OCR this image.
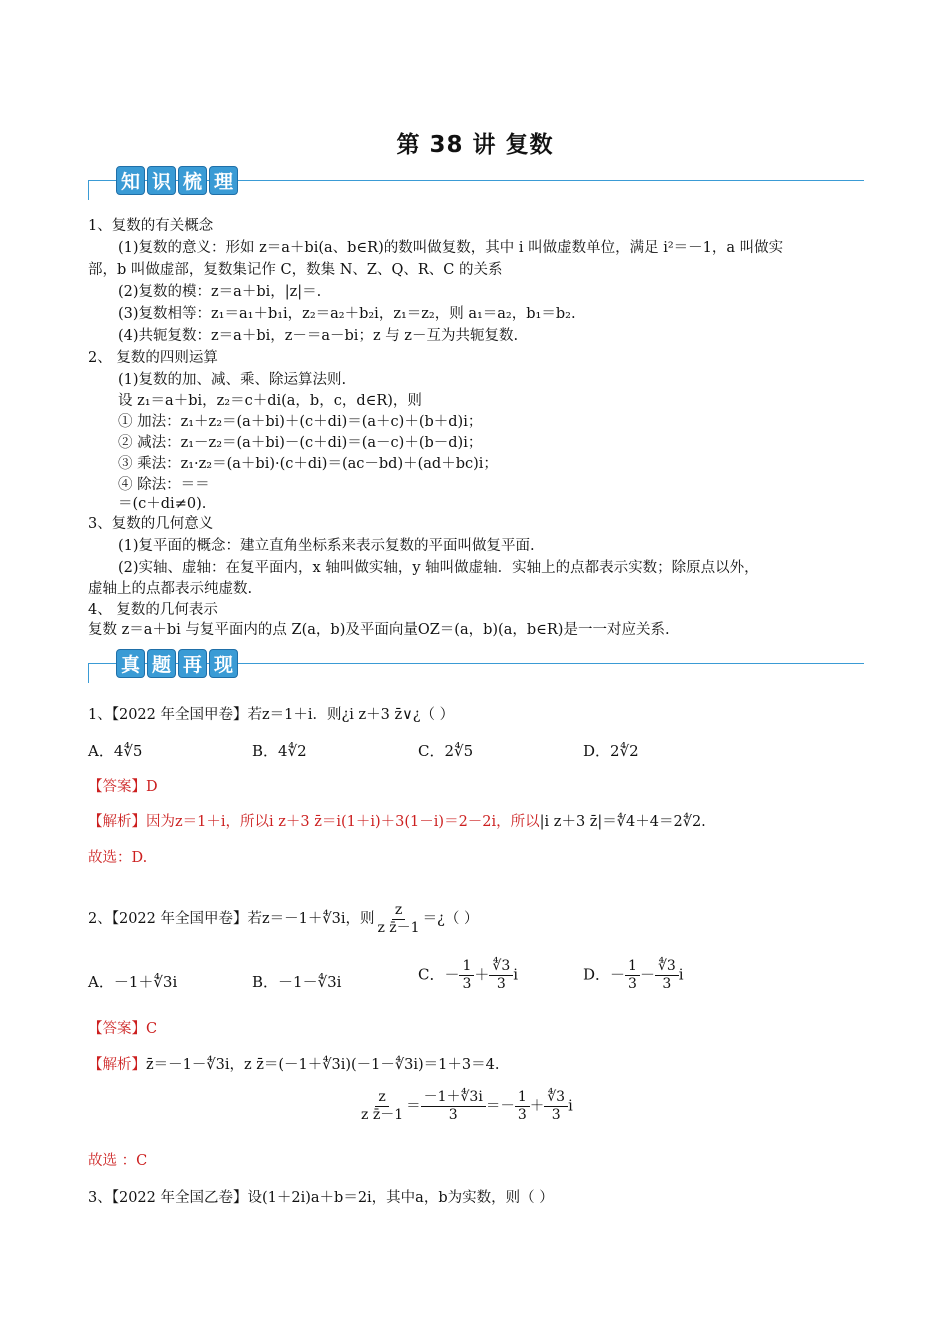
第 38 讲 复数
知 识 梳 理
1、复数的有关概念
(1)复数的意义：形如 z＝a＋bi(a、b∈R)的数叫做复数，其中 i 叫做虚数单位，满足 i²＝－1，a 叫做实
部，b 叫做虚部，复数集记作 C，数集 N、Z、Q、R、C 的关系
(2)复数的模：z＝a＋bi，|z|＝.
(3)复数相等：z₁＝a₁＋b₁i，z₂＝a₂＋b₂i，z₁＝z₂，则 a₁＝a₂，b₁＝b₂.
(4)共轭复数：z＝a＋bi，z－＝a－bi；z 与 z－互为共轭复数.
2、 复数的四则运算
(1)复数的加、减、乘、除运算法则.
设 z₁＝a＋bi，z₂＝c＋di(a，b，c，d∈R)，则
① 加法：z₁＋z₂＝(a＋bi)＋(c＋di)＝(a＋c)＋(b＋d)i；
② 减法：z₁－z₂＝(a＋bi)－(c＋di)＝(a－c)＋(b－d)i；
③ 乘法：z₁·z₂＝(a＋bi)·(c＋di)＝(ac－bd)＋(ad＋bc)i；
④ 除法：＝＝
＝(c＋di≠0).
3、复数的几何意义
(1)复平面的概念：建立直角坐标系来表示复数的平面叫做复平面.
(2)实轴、虚轴：在复平面内，x 轴叫做实轴，y 轴叫做虚轴．实轴上的点都表示实数；除原点以外，
虚轴上的点都表示纯虚数.
4、 复数的几何表示
复数 z＝a＋bi 与复平面内的点 Z(a，b)及平面向量OZ＝(a，b)(a，b∈R)是一一对应关系.
真 题 再 现
1、【2022 年全国甲卷】若z＝1＋i．则¿i z＋3 z̄∨¿（ ）
A．4∜5	B．4∜2	C．2∜5	D．2∜2
【答案】D
【解析】因为z＝1＋i，所以i z＋3 z̄＝i(1＋i)＋3(1－i)＝2－2i，所以|i z＋3 z̄|＝∜4＋4＝2∜2.
故选：D.
2、【2022 年全国甲卷】若z＝－1＋∜3i，则 $\frac{z}{\text{z z̄－1}}$ ＝¿（ ）
A．－1＋∜3i	B．－1－∜3i	C．－ $\frac{1}{3} + \frac{∜3}{3}$ i	D．－ $\frac{1}{3} - \frac{∜3}{3}$ i
【答案】C
【解析】z̄＝－1－∜3i，z z̄＝(－1＋∜3i)(－1－∜3i)＝1＋3＝4.
$\frac{z}{\text{z z̄－1}} = \frac{-1+∜3i}{3} =- \frac{1}{3} + \frac{∜3}{3}$ i
故选 ：C
3、【2022 年全国乙卷】设(1＋2i)a＋b＝2i，其中a，b为实数，则（ ）
